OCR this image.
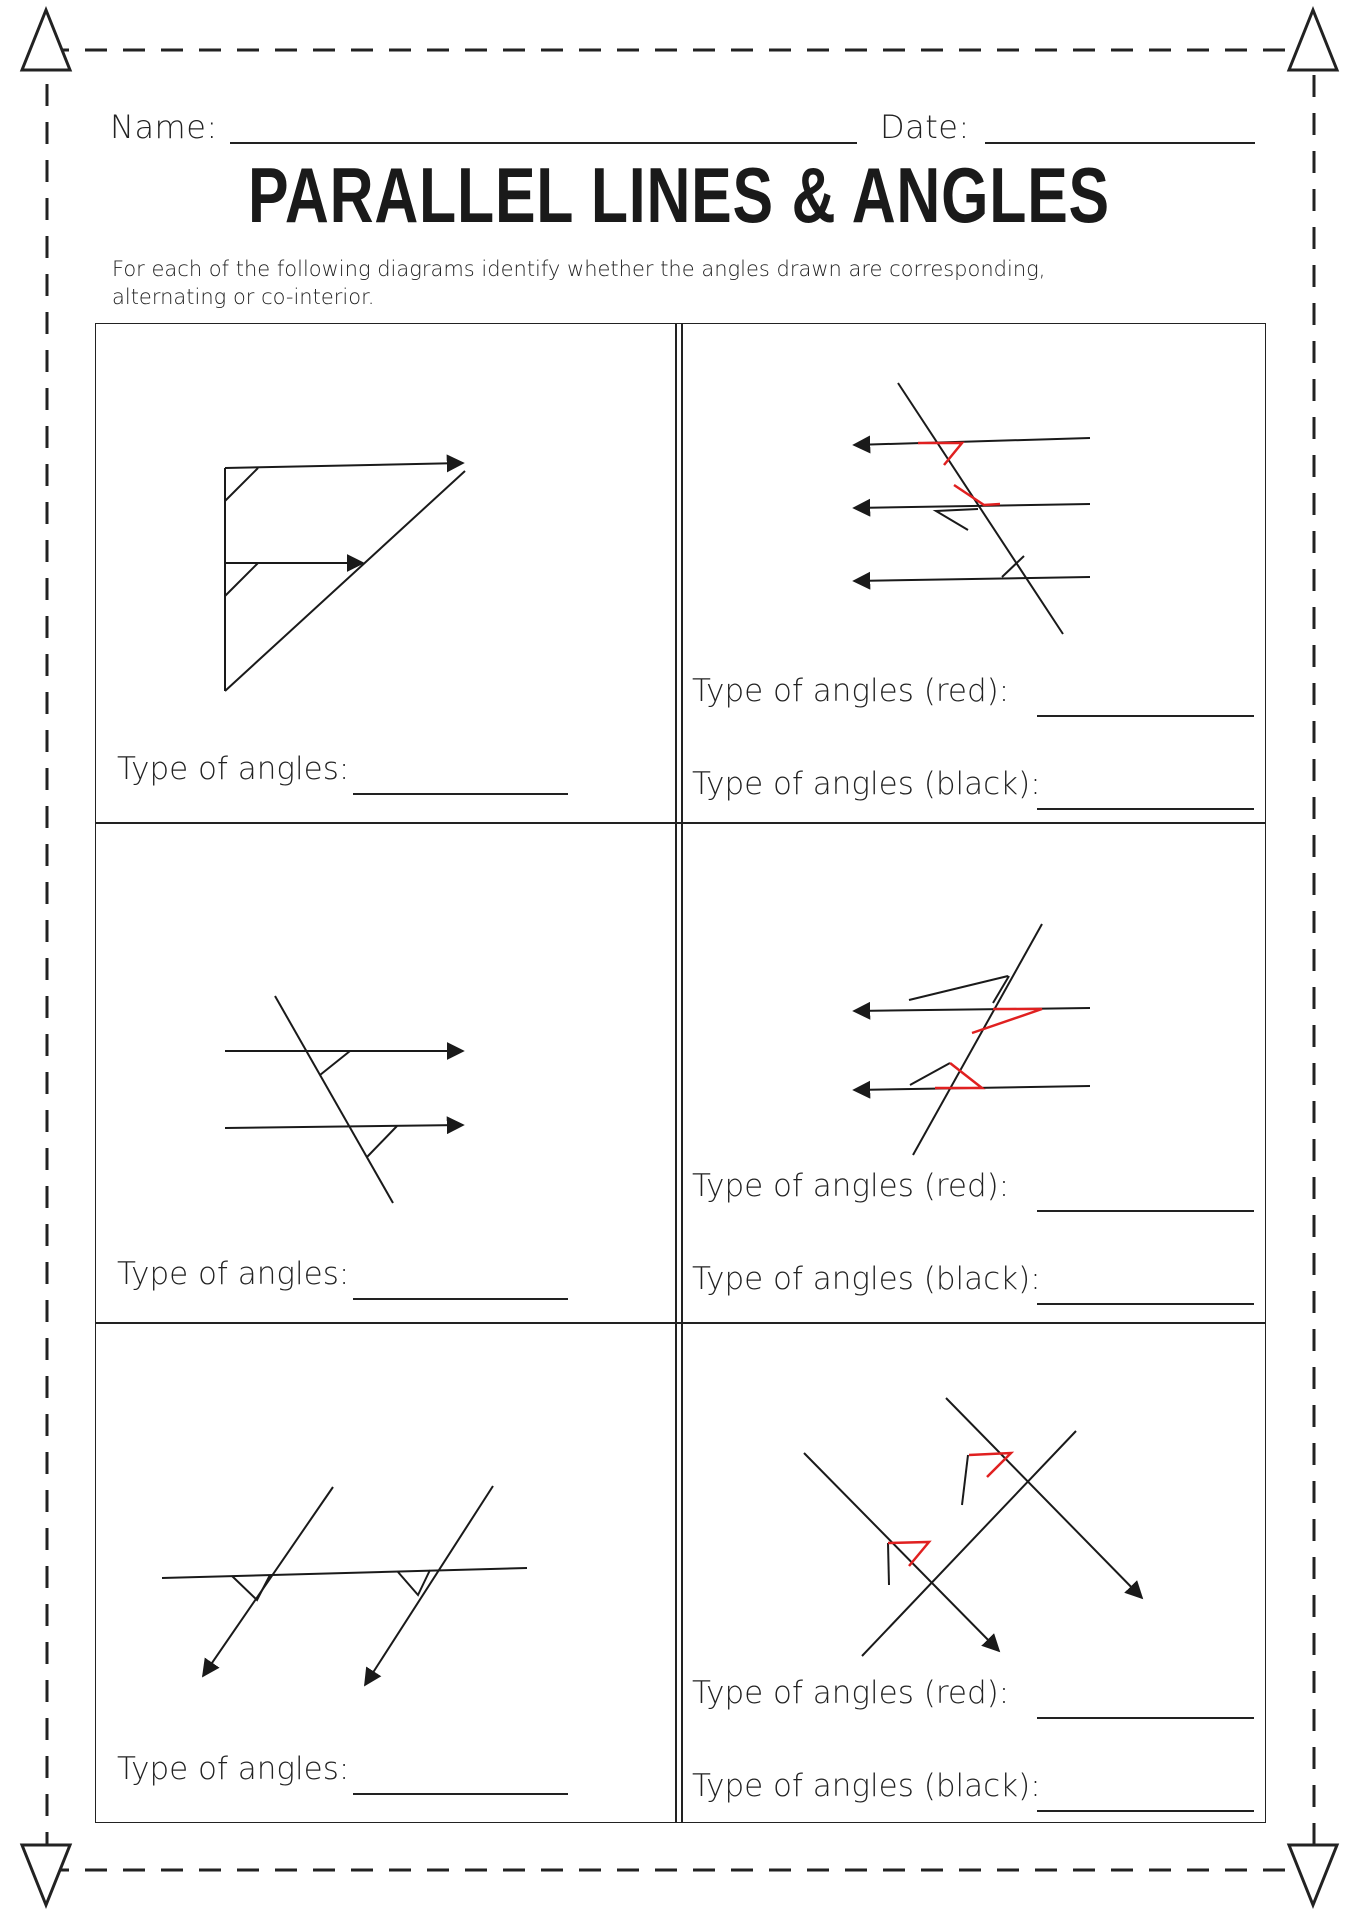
Name:	Date:
PARALLEL LINES & ANGLES
For each of the following diagrams identify whether the angles drawn are corresponding, alternating or co-interior.
Type of angles:
Type of angles (red):
Type of angles (black):
Type of angles:
Type of angles (red):
Type of angles (black):
Type of angles:
Type of angles (red):
Type of angles (black):
